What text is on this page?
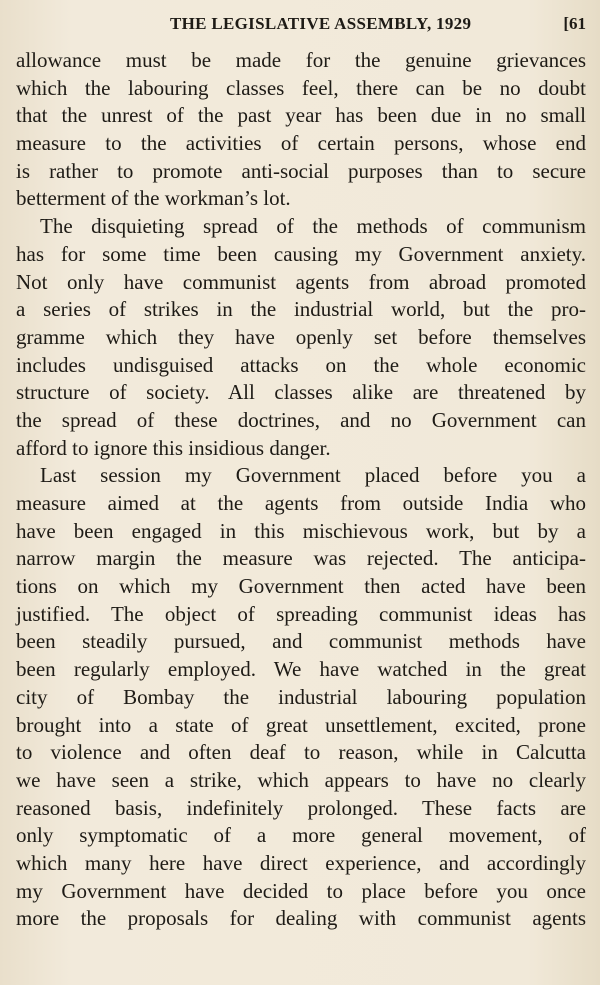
THE LEGISLATIVE ASSEMBLY, 1929	[61
allowance must be made for the genuine grievances
which the labouring classes feel, there can be no doubt
that the unrest of the past year has been due in no small
measure to the activities of certain persons, whose end
is rather to promote anti-social purposes than to secure
betterment of the workman’s lot.
The disquieting spread of the methods of communism
has for some time been causing my Government anxiety.
Not only have communist agents from abroad promoted
a series of strikes in the industrial world, but the pro-
gramme which they have openly set before themselves
includes undisguised attacks on the whole economic
structure of society. All classes alike are threatened by
the spread of these doctrines, and no Government can
afford to ignore this insidious danger.
Last session my Government placed before you a
measure aimed at the agents from outside India who
have been engaged in this mischievous work, but by a
narrow margin the measure was rejected. The anticipa-
tions on which my Government then acted have been
justified. The object of spreading communist ideas has
been steadily pursued, and communist methods have
been regularly employed. We have watched in the great
city of Bombay the industrial labouring population
brought into a state of great unsettlement, excited, prone
to violence and often deaf to reason, while in Calcutta
we have seen a strike, which appears to have no clearly
reasoned basis, indefinitely prolonged. These facts are
only symptomatic of a more general movement, of
which many here have direct experience, and accordingly
my Government have decided to place before you once
more the proposals for dealing with communist agents
